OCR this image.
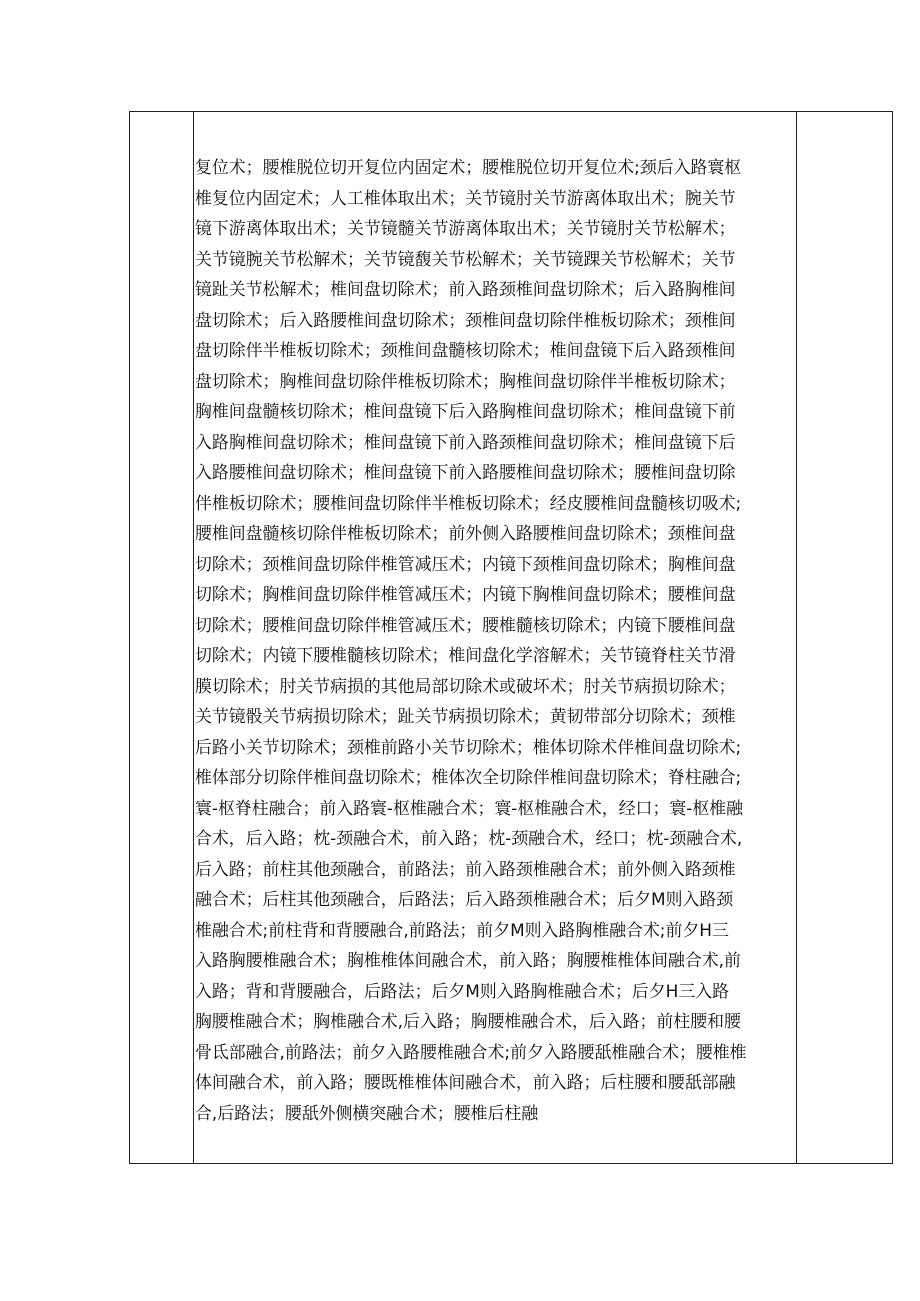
复位术；腰椎脱位切开复位内固定术；腰椎脱位切开复位术;颈后入路寰枢
椎复位内固定术；人工椎体取出术；关节镜肘关节游离体取出术；腕关节
镜下游离体取出术；关节镜髓关节游离体取出术；关节镜肘关节松解术；
关节镜腕关节松解术；关节镜馥关节松解术；关节镜踝关节松解术；关节
镜趾关节松解术；椎间盘切除术；前入路颈椎间盘切除术；后入路胸椎间
盘切除术；后入路腰椎间盘切除术；颈椎间盘切除伴椎板切除术；颈椎间
盘切除伴半椎板切除术；颈椎间盘髓核切除术；椎间盘镜下后入路颈椎间
盘切除术；胸椎间盘切除伴椎板切除术；胸椎间盘切除伴半椎板切除术；
胸椎间盘髓核切除术；椎间盘镜下后入路胸椎间盘切除术；椎间盘镜下前
入路胸椎间盘切除术；椎间盘镜下前入路颈椎间盘切除术；椎间盘镜下后
入路腰椎间盘切除术；椎间盘镜下前入路腰椎间盘切除术；腰椎间盘切除
伴椎板切除术；腰椎间盘切除伴半椎板切除术；经皮腰椎间盘髓核切吸术;
腰椎间盘髓核切除伴椎板切除术；前外侧入路腰椎间盘切除术；颈椎间盘
切除术；颈椎间盘切除伴椎管减压术；内镜下颈椎间盘切除术；胸椎间盘
切除术；胸椎间盘切除伴椎管减压术；内镜下胸椎间盘切除术；腰椎间盘
切除术；腰椎间盘切除伴椎管减压术；腰椎髓核切除术；内镜下腰椎间盘
切除术；内镜下腰椎髓核切除术；椎间盘化学溶解术；关节镜脊柱关节滑
膜切除术；肘关节病损的其他局部切除术或破坏术；肘关节病损切除术；
关节镜骰关节病损切除术；趾关节病损切除术；黄韧带部分切除术；颈椎
后路小关节切除术；颈椎前路小关节切除术；椎体切除术伴椎间盘切除术;
椎体部分切除伴椎间盘切除术；椎体次全切除伴椎间盘切除术；脊柱融合;
寰-枢脊柱融合；前入路寰-枢椎融合术；寰-枢椎融合术，经口；寰-枢椎融
合术，后入路；枕-颈融合术，前入路；枕-颈融合术，经口；枕-颈融合术,
后入路；前柱其他颈融合，前路法；前入路颈椎融合术；前外侧入路颈椎
融合术；后柱其他颈融合，后路法；后入路颈椎融合术；后夕M则入路颈
椎融合术;前柱背和背腰融合,前路法；前夕M则入路胸椎融合术;前夕H三
入路胸腰椎融合术；胸椎椎体间融合术，前入路；胸腰椎椎体间融合术,前
入路；背和背腰融合，后路法；后夕M则入路胸椎融合术；后夕H三入路
胸腰椎融合术；胸椎融合术,后入路；胸腰椎融合术，后入路；前柱腰和腰
骨氐部融合,前路法；前夕入路腰椎融合术;前夕入路腰舐椎融合术；腰椎椎
体间融合术，前入路；腰既椎椎体间融合术，前入路；后柱腰和腰舐部融
合,后路法；腰舐外侧横突融合术；腰椎后柱融
